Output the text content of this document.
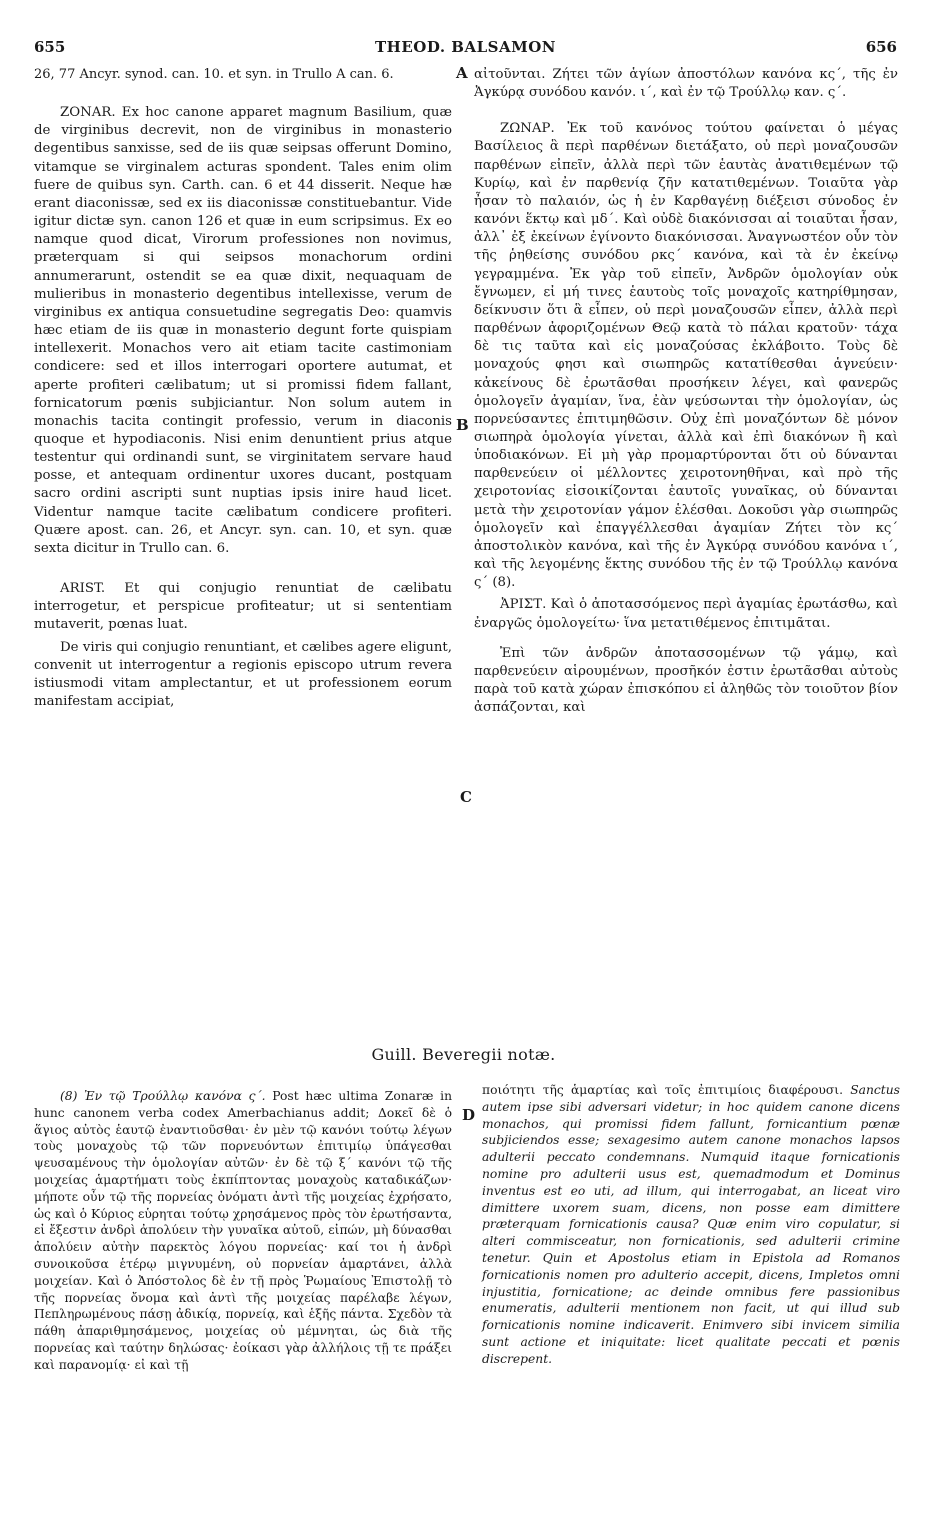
655	THEOD. BALSAMON	656

26, 77 Ancyr. synod. can. 10. et syn. in Trullo A can. 6.

ZONAR. Ex hoc canone apparet magnum Basilium, quæ de virginibus decrevit, non de virginibus in monasterio degentibus sanxisse, sed de iis quæ seipsas offerunt Domino, vitamque se virginalem acturas spondent. Tales enim olim fuere de quibus syn. Carth. can. 6 et 44 disserit. Neque hæ erant diaconissæ, sed ex iis diaconissæ constituebantur. Vide igitur dictæ syn. canon 126 et quæ in eum scripsimus. Ex eo namque quod dicat, Virorum professiones non novimus, præterquam si qui seipsos monachorum ordini annumerarunt, ostendit se ea quæ dixit, nequaquam de mulieribus in monasterio degentibus intellexisse, verum de virginibus ex antiqua consuetudine segregatis Deo: quamvis hæc etiam de iis quæ in monasterio degunt forte quispiam intellexerit. Monachos vero ait etiam tacite castimoniam condicere: sed et illos interrogari oportere autumat, et aperte profiteri cælibatum; ut si promissi fidem fallant, fornicatorum pœnis subjiciantur. Non solum autem in monachis tacita contingit professio, verum in diaconis quoque et hypodiaconis. Nisi enim denuntient prius atque testentur qui ordinandi sunt, se virginitatem servare haud posse, et antequam ordinentur uxores ducant, postquam sacro ordini ascripti sunt nuptias ipsis inire haud licet. Videntur namque tacite cælibatum condicere profiteri. Quære apost. can. 26, et Ancyr. syn. can. 10, et syn. quæ sexta dicitur in Trullo can. 6.

ARIST. Et qui conjugio renuntiat de cælibatu interrogetur, et perspicue profiteatur; ut si sententiam mutaverit, pœnas luat.

De viris qui conjugio renuntiant, et cælibes agere eligunt, convenit ut interrogentur a regionis episcopo utrum revera istiusmodi vitam amplectantur, et ut professionem eorum manifestam accipiat,

αἰτοῦνται. Ζήτει τῶν ἁγίων ἀποστόλων κανόνα κς΄, τῆς ἐν Ἀγκύρᾳ συνόδου κανόν. ι΄, καὶ ἐν τῷ Τρούλλῳ καν. ς΄.

ΖΩΝΑΡ. Ἐκ τοῦ κανόνος τούτου φαίνεται ὁ μέγας Βασίλειος ἃ περὶ παρθένων διετάξατο, οὐ περὶ μοναζουσῶν παρθένων εἰπεῖν, ἀλλὰ περὶ τῶν ἑαυτὰς ἀνατιθεμένων τῷ Κυρίῳ, καὶ ἐν παρθενίᾳ ζῆν κατατιθεμένων. Τοιαῦτα γὰρ ἦσαν τὸ παλαιόν, ὡς ἡ ἐν Καρθαγένῃ διέξεισι σύνοδος ἐν κανόνι ἕκτῳ καὶ μδ΄. Καὶ οὐδὲ διακόνισσαι αἱ τοιαῦται ἦσαν, ἀλλ᾽ ἐξ ἐκείνων ἐγίνοντο διακόνισσαι. Ἀναγνωστέον οὖν τὸν τῆς ῥηθείσης συνόδου ρκς΄ κανόνα, καὶ τὰ ἐν ἐκείνῳ γεγραμμένα. Ἐκ γὰρ τοῦ εἰπεῖν, Ἀνδρῶν ὁμολογίαν οὐκ ἔγνωμεν, εἰ μή τινες ἑαυτοὺς τοῖς μοναχοῖς κατηρίθμησαν, δείκνυσιν ὅτι ἃ εἶπεν, οὐ περὶ μοναζουσῶν εἶπεν, ἀλλὰ περὶ παρθένων ἀφοριζομένων Θεῷ κατὰ τὸ πάλαι κρατοῦν· τάχα δὲ τις ταῦτα καὶ εἰς μοναζούσας ἐκλάβοιτο. Τοὺς δὲ μοναχούς φησι καὶ σιωπηρῶς κατατίθεσθαι ἁγνεύειν· κἀκείνους δὲ ἐρωτᾶσθαι προσήκειν λέγει, καὶ φανερῶς ὁμολογεῖν ἀγαμίαν, ἵνα, ἐὰν ψεύσωνται τὴν ὁμολογίαν, ὡς πορνεύσαντες ἐπιτιμηθῶσιν. Οὐχ ἐπὶ μοναζόντων δὲ μόνον σιωπηρὰ ὁμολογία γίνεται, ἀλλὰ καὶ ἐπὶ διακόνων ἢ καὶ ὑποδιακόνων. Εἰ μὴ γὰρ προμαρτύρονται ὅτι οὐ δύνανται παρθενεύειν οἱ μέλλοντες χειροτονηθῆναι, καὶ πρὸ τῆς χειροτονίας εἰσοικίζονται ἑαυτοῖς γυναῖκας, οὐ δύνανται μετὰ τὴν χειροτονίαν γάμον ἑλέσθαι. Δοκοῦσι γὰρ σιωπηρῶς ὁμολογεῖν καὶ ἐπαγγέλλεσθαι ἀγαμίαν Ζήτει τὸν κς΄ ἀποστολικὸν κανόνα, καὶ τῆς ἐν Ἀγκύρᾳ συνόδου κανόνα ι΄, καὶ τῆς λεγομένης ἕκτης συνόδου τῆς ἐν τῷ Τρούλλῳ κανόνα ς΄ (8).

ἈΡΙΣΤ. Καὶ ὁ ἀποτασσόμενος περὶ ἀγαμίας ἐρωτάσθω, καὶ ἐναργῶς ὁμολογείτω· ἵνα μετατιθέμενος ἐπιτιμᾶται.

Ἐπὶ τῶν ἀνδρῶν ἀποτασσομένων τῷ γάμῳ, καὶ παρθενεύειν αἱρουμένων, προσῆκόν ἐστιν ἐρωτᾶσθαι αὐτοὺς παρὰ τοῦ κατὰ χώραν ἐπισκόπου εἰ ἀληθῶς τὸν τοιοῦτον βίον ἀσπάζονται, καὶ

A
B
C
D
Guill. Beveregii notæ.

(8) Ἐν τῷ Τρούλλῳ κανόνα ς΄. Post hæc ultima Zonaræ in hunc canonem verba codex Amerbachianus addit; Δοκεῖ δὲ ὁ ἅγιος αὐτὸς ἑαυτῷ ἐναντιοῦσθαι· ἐν μὲν τῷ κανόνι τούτῳ λέγων τοὺς μοναχοὺς τῷ τῶν πορνευόντων ἐπιτιμίῳ ὑπάγεσθαι ψευσαμένους τὴν ὁμολογίαν αὐτῶν· ἐν δὲ τῷ ξ΄ κανόνι τῷ τῆς μοιχείας ἁμαρτήματι τοὺς ἐκπίπτοντας μοναχοὺς καταδικάζων· μήποτε οὖν τῷ τῆς πορνείας ὀνόματι ἀντὶ τῆς μοιχείας ἐχρήσατο, ὡς καὶ ὁ Κύριος εὑρηται τούτῳ χρησάμενος πρὸς τὸν ἐρωτήσαντα, εἰ ἔξεστιν ἀνδρὶ ἀπολύειν τὴν γυναῖκα αὐτοῦ, εἰπών, μὴ δύνασθαι ἀπολύειν αὐτὴν παρεκτὸς λόγου πορνείας· καί τοι ἡ ἀνδρὶ συνοικοῦσα ἑτέρῳ μιγνυμένη, οὐ πορνείαν ἁμαρτάνει, ἀλλὰ μοιχείαν. Καὶ ὁ Ἀπόστολος δὲ ἐν τῇ πρὸς Ῥωμαίους Ἐπιστολῇ τὸ τῆς πορνείας ὄνομα καὶ ἀντὶ τῆς μοιχείας παρέλαβε λέγων, Πεπληρωμένους πάσῃ ἀδικίᾳ, πορνείᾳ, καὶ ἑξῆς πάντα. Σχεδὸν τὰ πάθη ἀπαριθμησάμενος, μοιχείας οὐ μέμνηται, ὡς διὰ τῆς πορνείας καὶ ταύτην δηλώσας· ἐοίκασι γὰρ ἀλλήλοις τῇ τε πράξει καὶ παρανομίᾳ· εἰ καὶ τῇ

ποιότητι τῆς ἁμαρτίας καὶ τοῖς ἐπιτιμίοις διαφέρουσι. Sanctus autem ipse sibi adversari videtur; in hoc quidem canone dicens monachos, qui promissi fidem fallunt, fornicantium pœnæ subjiciendos esse; sexagesimo autem canone monachos lapsos adulterii peccato condemnans. Numquid itaque fornicationis nomine pro adulterii usus est, quemadmodum et Dominus inventus est eo uti, ad illum, qui interrogabat, an liceat viro dimittere uxorem suam, dicens, non posse eam dimittere præterquam fornicationis causa? Quæ enim viro copulatur, si alteri commisceatur, non fornicationis, sed adulterii crimine tenetur. Quin et Apostolus etiam in Epistola ad Romanos fornicationis nomen pro adulterio accepit, dicens, Impletos omni injustitia, fornicatione; ac deinde omnibus fere passionibus enumeratis, adulterii mentionem non facit, ut qui illud sub fornicationis nomine indicaverit. Enimvero sibi invicem similia sunt actione et iniquitate: licet qualitate peccati et pœnis discrepent.
